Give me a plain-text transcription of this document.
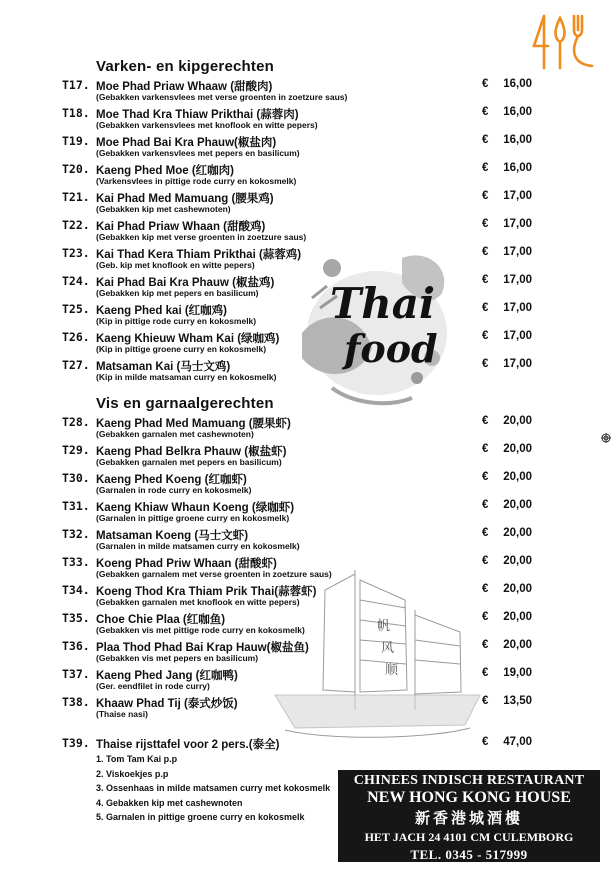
Thai
food
帆
风
顺
Varken- en kipgerechten
Vis en garnaalgerechten
T17. Moe Phad Priaw Whaaw (甜酸肉)
(Gebakken varkensvlees met verse groenten in zoetzure saus)
€ 16,00
T18. Moe Thad Kra Thiaw Prikthai (蒜蓉肉)
(Gebakken varkensvlees met knoflook en witte pepers)
€ 16,00
T19. Moe Phad Bai Kra Phauw(椒盐肉)
(Gebakken varkensvlees met pepers en basilicum)
€ 16,00
T20. Kaeng Phed Moe (红咖肉)
(Varkensvlees in pittige rode curry en kokosmelk)
€ 16,00
T21. Kai Phad Med Mamuang (腰果鸡)
(Gebakken kip met cashewnoten)
€ 17,00
T22. Kai Phad Priaw Whaan (甜酸鸡)
(Gebakken kip met verse groenten in zoetzure saus)
€ 17,00
T23. Kai Thad Kera Thiam Prikthai (蒜蓉鸡)
(Geb. kip met knoflook en witte pepers)
€ 17,00
T24. Kai Phad Bai Kra Phauw (椒盐鸡)
(Gebakken kip met pepers en basilicum)
€ 17,00
T25. Kaeng Phed kai (红咖鸡)
(Kip in pittige rode curry en kokosmelk)
€ 17,00
T26. Kaeng Khieuw Wham Kai (绿咖鸡)
(Kip in pittige groene curry en kokosmelk)
€ 17,00
T27. Matsaman Kai (马士文鸡)
(Kip in milde matsaman curry en kokosmelk)
€ 17,00
T28. Kaeng Phad Med Mamuang (腰果虾)
(Gebakken garnalen met cashewnoten)
€ 20,00
T29. Kaeng Phad Belkra Phauw (椒盐虾)
(Gebakken garnalen met pepers en basilicum)
€ 20,00
T30. Kaeng Phed Koeng (红咖虾)
(Garnalen in rode curry en kokosmelk)
€ 20,00
T31. Kaeng Khiaw Whaun Koeng (绿咖虾)
(Garnalen in pittige groene curry en kokosmelk)
€ 20,00
T32. Matsaman Koeng (马士文虾)
(Garnalen in milde matsamen curry en kokosmelk)
€ 20,00
T33. Koeng Phad Priw Whaan (甜酸虾)
(Gebakken garnalem met verse groenten in zoetzure saus)
€ 20,00
T34. Koeng Thod Kra Thiam Prik Thai(蒜蓉虾)
(Gebakken garnalen met knoflook en witte pepers)
€ 20,00
T35. Choe Chie Plaa (红咖鱼)
(Gebakken vis met pittige rode curry en kokosmelk)
€ 20,00
T36. Plaa Thod Phad Bai Krap Hauw(椒盐鱼)
(Gebakken vis met pepers en basilicum)
€ 20,00
T37. Kaeng Phed Jang (红咖鸭)
(Ger. eendfilet in rode curry)
€ 19,00
T38. Khaaw Phad Tij (泰式炒饭)
(Thaise nasi)
€ 13,50
T39. Thaise rijsttafel voor 2 pers.(泰全)	€ 47,00
1. Tom Tam Kai p.p
2. Viskoekjes p.p
3. Ossenhaas in milde matsamen curry met kokosmelk
4. Gebakken kip met cashewnoten
5. Garnalen in pittige groene curry en kokosmelk
CHINEES INDISCH RESTAURANT
NEW HONG KONG HOUSE
新香港城酒樓
HET JACH 24 4101 CM CULEMBORG
TEL. 0345 - 517999
